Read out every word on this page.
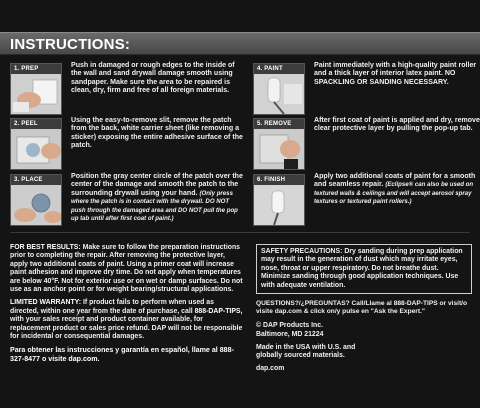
INSTRUCTIONS:
1. PREP	Push in damaged or rough edges to the inside of the wall and sand drywall damage smooth using sandpaper. Make sure the area to be repaired is clean, dry, firm and free of all foreign materials.
2. PEEL	Using the easy-to-remove slit, remove the patch from the back, white carrier sheet (like removing a sticker) exposing the entire adhesive surface of the patch.
3. PLACE	Position the gray center circle of the patch over the center of the damage and smooth the patch to the surrounding drywall using your hand. (Only press where the patch is in contact with the drywall. DO NOT push through the damaged area and DO NOT pull the pop up tab until after first coat of paint.)
4. PAINT	Paint immediately with a high-quality paint roller and a thick layer of interior latex paint. NO SPACKLING OR SANDING NECESSARY.
5. REMOVE	After first coat of paint is applied and dry, remove clear protective layer by pulling the pop-up tab.
6. FINISH	Apply two additional coats of paint for a smooth and seamless repair. (Eclipse® can also be used on textured walls & ceilings and will accept aerosol spray textures or textured paint rollers.)

FOR BEST RESULTS: Make sure to follow the preparation instructions prior to completing the repair. After removing the protective layer, apply two additional coats of paint. Using a primer coat will increase paint adhesion and improve dry time. Do not apply when temperatures are below 40°F. Not for exterior use or on wet or damp surfaces. Do not use as an anchor point or for weight bearing/structural applications.

LIMITED WARRANTY: If product fails to perform when used as directed, within one year from the date of purchase, call 888-DAP-TIPS, with your sales receipt and product container available, for replacement product or sales price refund. DAP will not be responsible for incidental or consequential damages.

Para obtener las instrucciones y garantía en español, llame al 888-327-8477 o visite dap.com.

SAFETY PRECAUTIONS: Dry sanding during prep application may result in the generation of dust which may irritate eyes, nose, throat or upper respiratory. Do not breathe dust. Minimize sanding through good application techniques. Use with adequate ventilation.

QUESTIONS?/¿PREGUNTAS? Call/Llame al 888-DAP-TIPS or visit/o visite dap.com & click on/y pulse en "Ask the Expert."

© DAP Products Inc.
Baltimore, MD 21224
Made in the USA with U.S. and
globally sourced materials.
dap.com
